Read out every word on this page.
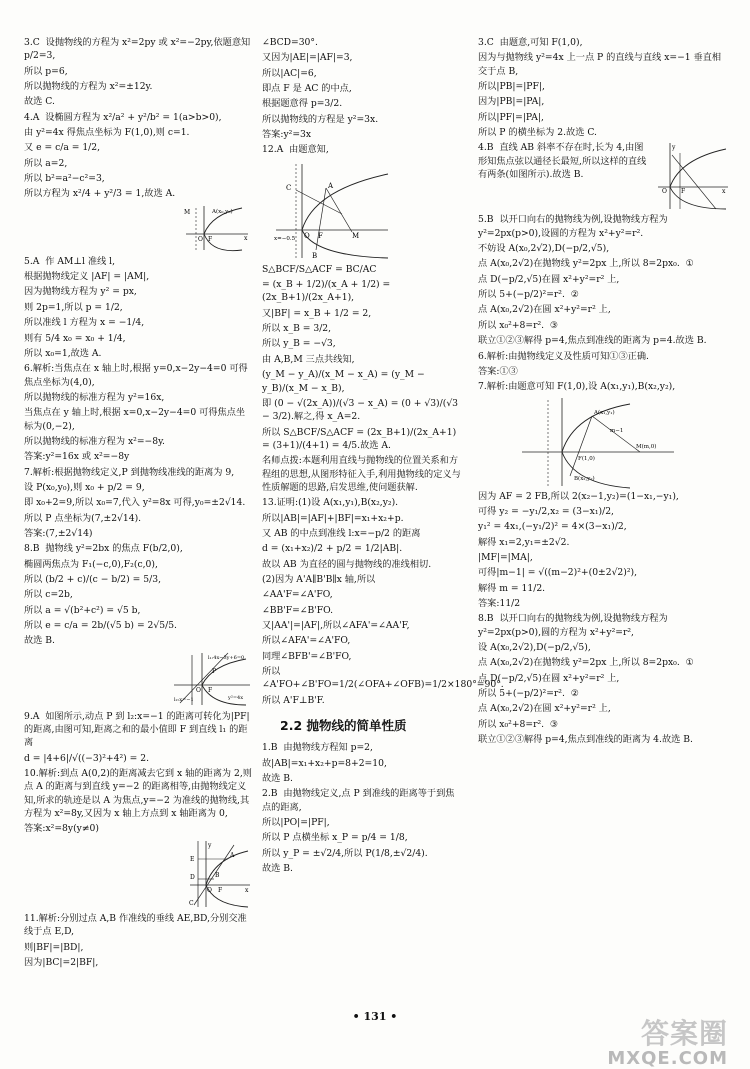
3.C  设抛物线的方程为 x²=2py 或 x²=−2py,依题意知 p/2=3,

所以 p=6,

所以抛物线的方程为 x²=±12y.

故选 C.

4.A  设椭圆方程为 x²/a² + y²/b² = 1(a>b>0),

由 y²=4x 得焦点坐标为 F(1,0),则 c=1.

又 e = c/a = 1/2,

所以 a=2,

所以 b²=a²−c²=3,

所以方程为 x²/4 + y²/3 = 1,故选 A.

M	A(x₀,y₀)
F
O	x

5.A  作 AM⊥l 准线 l,

根据抛物线定义 |AF| = |AM|,

因为抛物线方程为 y² = px,

则 2p=1,所以 p = 1/2,

所以准线 l 方程为 x = −1/4,

则有 5/4 x₀ = x₀ + 1/4,

所以 x₀=1,故选 A.

6.解析:当焦点在 x 轴上时,根据 y=0,x−2y−4=0 可得焦点坐标为(4,0),

所以抛物线的标准方程为 y²=16x,

当焦点在 y 轴上时,根据 x=0,x−2y−4=0 可得焦点坐标为(0,−2),

所以抛物线的标准方程为 x²=−8y.

答案:y²=16x 或 x²=−8y

7.解析:根据抛物线定义,P 到抛物线准线的距离为 9,

设 P(x₀,y₀),则 x₀ + p/2 = 9,

即 x₀+2=9,所以 x₀=7,代入 y²=8x 可得,y₀=±2√14.

所以 P 点坐标为(7,±2√14).

答案:(7,±2√14)

8.B  抛物线 y²=2bx 的焦点 F(b/2,0),

椭圆两焦点为 F₁(−c,0),F₂(c,0),

所以 (b/2 + c)/(c − b/2) = 5/3,

所以 c=2b,

所以 a = √(b²+c²) = √5 b,

所以 e = c/a = 2b/(√5 b) = 2√5/5.

故选 B.

l₁:4x−3y+6=0
l₂:x=−1	y²=4x
P
F
O

9.A  如图所示,动点 P 到 l₂:x=−1 的距离可转化为|PF|的距离,由图可知,距离之和的最小值即 F 到直线 l₁ 的距离

d = |4+6|/√((−3)²+4²) = 2.

10.解析:到点 A(0,2)的距离减去它到 x 轴的距离为 2,则点 A 的距离与到直线 y=−2 的距离相等,由抛物线定义知,所求的轨迹是以 A 为焦点,y=−2 为准线的抛物线,其方程为 x²=8y,又因为 x 轴上方点到 x 轴距离为 0,

答案:x²=8y(y≠0)

E
A
D	B
C
F
O	x
y

11.解析:分别过点 A,B 作准线的垂线 AE,BD,分别交准线于点 E,D,

则|BF|=|BD|,

因为|BC|=2|BF|,

∠BCD=30°.

又因为|AE|=|AF|=3,

所以|AC|=6,

即点 F 是 AC 的中点,

根据题意得 p=3/2.

所以抛物线的方程是 y²=3x.

答案:y²=3x

12.A  由题意知,

C	A
B
F	M
O
x=−0.5

S△BCF/S△ACF = BC/AC

= (x_B + 1/2)/(x_A + 1/2) = (2x_B+1)/(2x_A+1),

又|BF| = x_B + 1/2 = 2,

所以 x_B = 3/2,

所以 y_B = −√3,

由 A,B,M 三点共线知,

(y_M − y_A)/(x_M − x_A) = (y_M − y_B)/(x_M − x_B),

即 (0 − √(2x_A))/(√3 − x_A) = (0 + √3)/(√3 − 3/2).解之,得 x_A=2.

所以 S△BCF/S△ACF = (2x_B+1)/(2x_A+1) = (3+1)/(4+1) = 4/5.故选 A.

名师点拨:本题利用直线与抛物线的位置关系和方程组的思想,从图形特征入手,利用抛物线的定义与性质解题的思路,启发思维,使问题获解.

13.证明:(1)设 A(x₁,y₁),B(x₂,y₂).

所以|AB|=|AF|+|BF|=x₁+x₂+p.

又 AB 的中点到准线 l:x=−p/2 的距离

d = (x₁+x₂)/2 + p/2 = 1/2|AB|.

故以 AB 为直径的圆与抛物线的准线相切.

(2)因为 A'A∥B'B∥x 轴,所以

∠AA'F=∠A'FO,

∠BB'F=∠B'FO.

又|AA'|=|AF|,所以∠AFA'=∠AA'F,

所以∠AFA'=∠A'FO,

同理∠BFB'=∠B'FO,

所以∠A'FO+∠B'FO=1/2(∠OFA+∠OFB)=1/2×180°=90°.

所以 A'F⊥B'F.

2.2 抛物线的简单性质

1.B  由抛物线方程知 p=2,

故|AB|=x₁+x₂+p=8+2=10,

故选 B.

2.B  由抛物线定义,点 P 到准线的距离等于到焦点的距离,

所以|PO|=|PF|,

所以 P 点横坐标 x_P = p/4 = 1/8,

所以 y_P = ±√2/4,所以 P(1/8,±√2/4).

故选 B.

3.C  由题意,可知 F(1,0),

因为与抛物线 y²=4x 上一点 P 的直线与直线 x=−1 垂直相交于点 B,

所以|PB|=|PF|,

因为|PB|=|PA|,

所以|PF|=|PA|,

所以 P 的横坐标为 2.故选 C.

y
O F	x

4.B  直线 AB 斜率不存在时,长为 4,由图形知焦点弦以通径长最短,所以这样的直线有两条(如图所示).故选 B.

5.B  以开口向右的抛物线为例,设抛物线方程为 y²=2px(p>0),设圆的方程为 x²+y²=r².

不妨设 A(x₀,2√2),D(−p/2,√5),

点 A(x₀,2√2)在抛物线 y²=2px 上,所以 8=2px₀.  ①

点 D(−p/2,√5)在圆 x²+y²=r² 上,

所以 5+(−p/2)²=r².  ②

点 A(x₀,2√2)在圆 x²+y²=r² 上,

所以 x₀²+8=r².  ③

联立①②③解得 p=4,焦点到准线的距离为 p=4.故选 B.

6.解析:由抛物线定义及性质可知①③正确.

答案:①③

7.解析:由题意可知 F(1,0),设 A(x₁,y₁),B(x₂,y₂),

A(x₁,y₁)
m−1
F(1,0)
M(m,0)
B(x₂,y₂)

因为 AF = 2 FB,所以 2(x₂−1,y₂)=(1−x₁,−y₁),

可得 y₂ = −y₁/2,x₂ = (3−x₁)/2,

y₁² = 4x₁,(−y₁/2)² = 4×(3−x₁)/2,

解得 x₁=2,y₁=±2√2.

|MF|=|MA|,

可得|m−1| = √((m−2)²+(0±2√2)²),

解得 m = 11/2.

答案:11/2

8.B  以开口向右的抛物线为例,设抛物线方程为 y²=2px(p>0),圆的方程为 x²+y²=r²,

设 A(x₀,2√2),D(−p/2,√5),

点 A(x₀,2√2)在抛物线 y²=2px 上,所以 8=2px₀.  ①

点 D(−p/2,√5)在圆 x²+y²=r² 上,

所以 5+(−p/2)²=r².  ②

点 A(x₀,2√2)在圆 x²+y²=r² 上,

所以 x₀²+8=r².  ③

联立①②③解得 p=4,焦点到准线的距离为 4.故选 B.

• 131 •
答案圈
MXQE.COM
